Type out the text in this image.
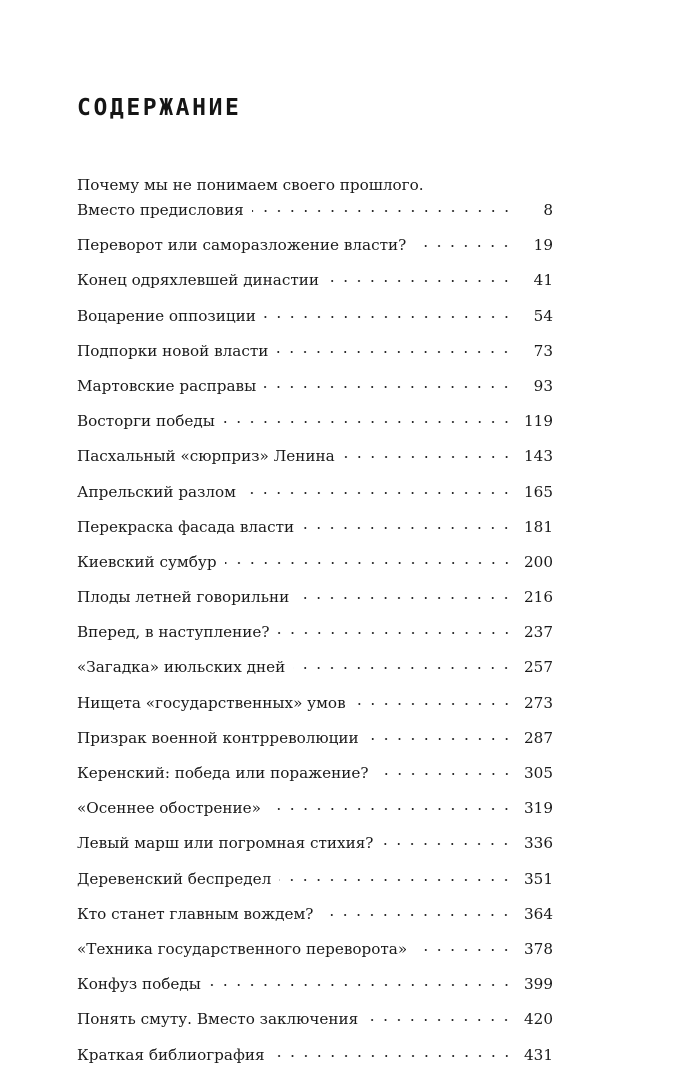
СОДЕРЖАНИЕ
Почему мы не понимаем своего прошлого.
Вместо предисловия	8
Переворот или саморазложение власти?	19
Конец одряхлевшей династии	41
Воцарение оппозиции	54
Подпорки новой власти	73
Мартовские расправы	93
Восторги победы	119
Пасхальный «сюрприз» Ленина	143
Апрельский разлом	165
Перекраска фасада власти	181
Киевский сумбур	200
Плоды летней говорильни	216
Вперед, в наступление?	237
«Загадка» июльских дней	257
Нищета «государственных» умов	273
Призрак военной контрреволюции	287
Керенский: победа или поражение?	305
«Осеннее обострение»	319
Левый марш или погромная стихия?	336
Деревенский беспредел	351
Кто станет главным вождем?	364
«Техника государственного переворота»	378
Конфуз победы	399
Понять смуту. Вместо заключения	420
Краткая библиография	431
